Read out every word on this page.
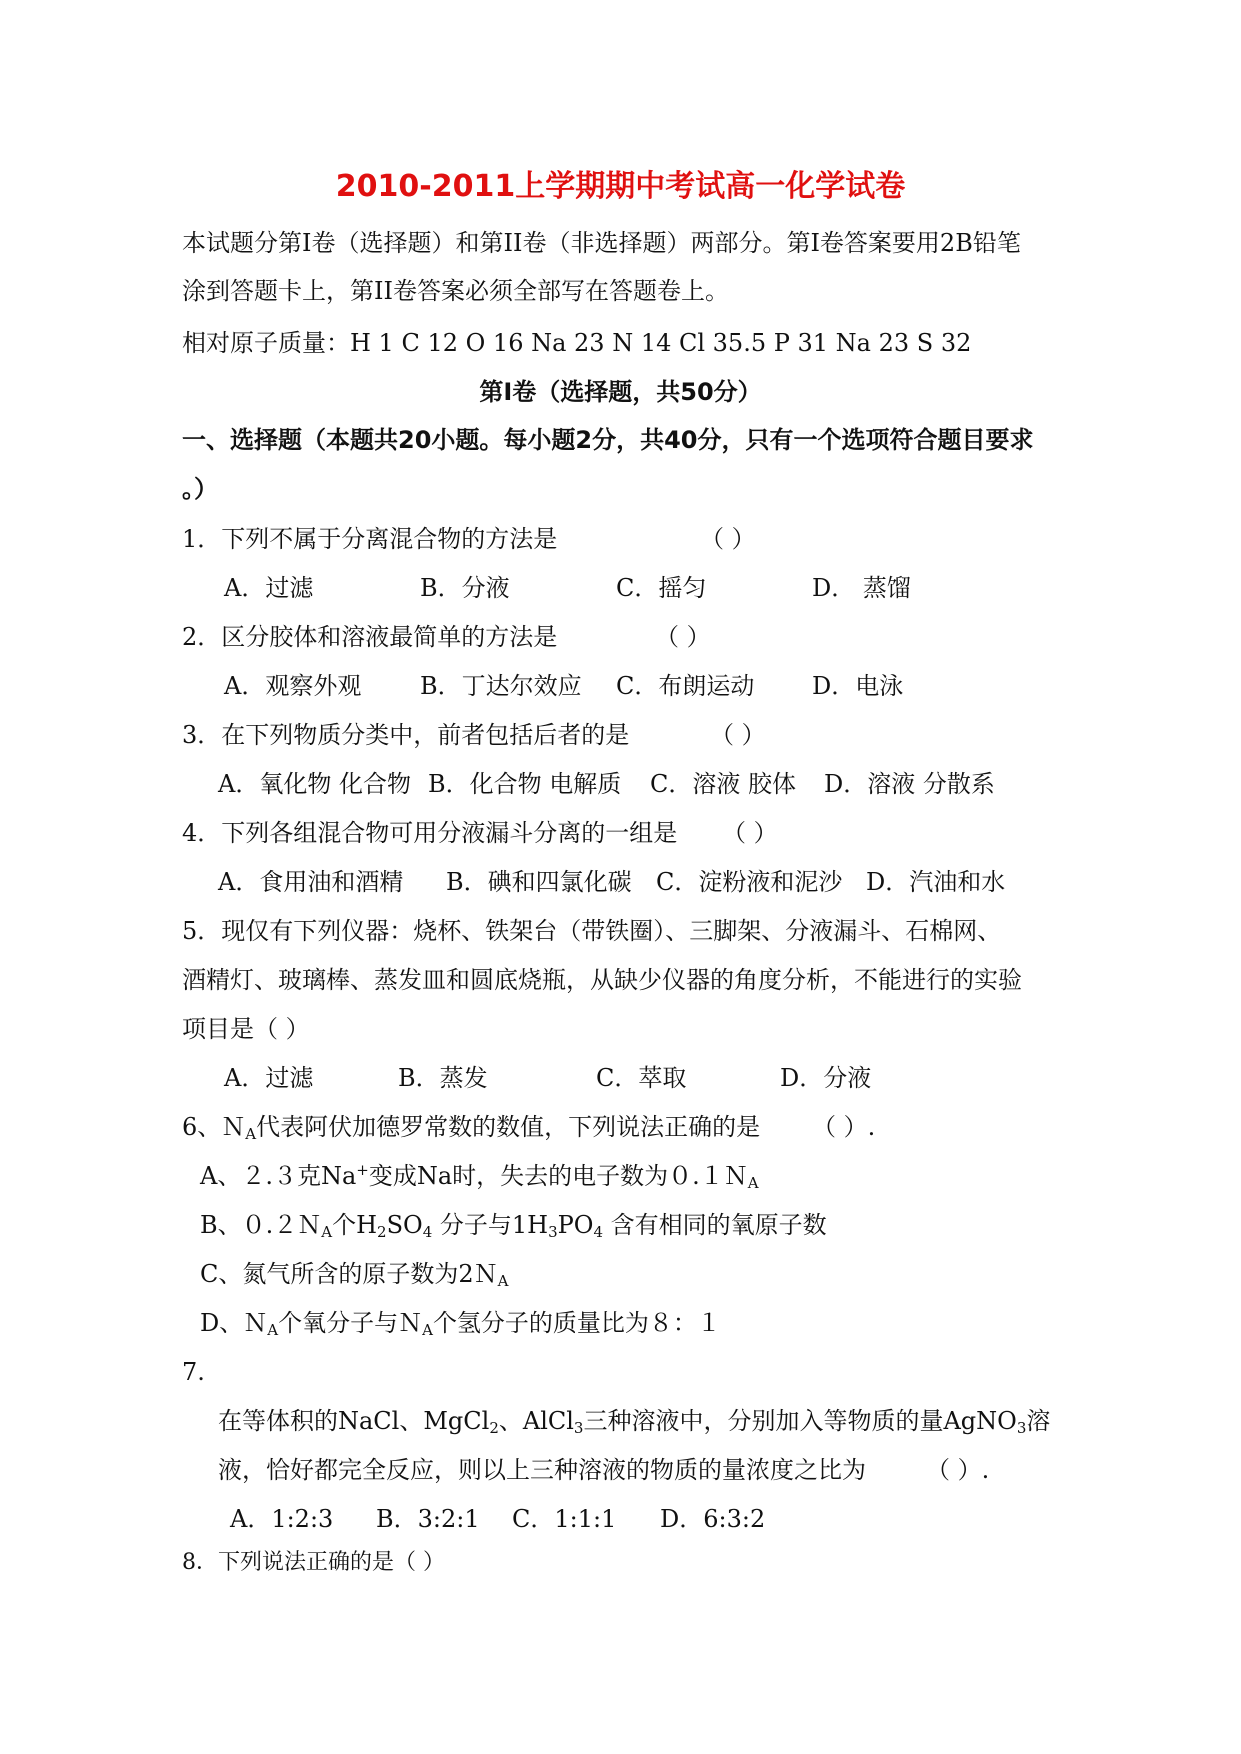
2010-2011上学期期中考试高一化学试卷
本试题分第I卷（选择题）和第II卷（非选择题）两部分。第I卷答案要用2B铅笔
涂到答题卡上，第II卷答案必须全部写在答题卷上。
相对原子质量：H 1 C 12 O 16 Na 23 N 14 Cl 35.5 P 31 Na 23 S 32
第I卷（选择题，共50分）
一、选择题（本题共20小题。每小题2分，共40分，只有一个选项符合题目要求
。）
1．下列不属于分离混合物的方法是	（ ）
A．过滤	B．分液	C．摇匀	D． 蒸馏
2．区分胶体和溶液最简单的方法是	（ ）
A．观察外观 B．丁达尔效应 C．布朗运动 D．电泳
3．在下列物质分类中，前者包括后者的是	（ ）
A．氧化物 化合物 B．化合物 电解质 C．溶液 胶体 D．溶液 分散系
4．下列各组混合物可用分液漏斗分离的一组是 （ ）
A．食用油和酒精 B．碘和四氯化碳 C．淀粉液和泥沙 D．汽油和水
5．现仅有下列仪器：烧杯、铁架台（带铁圈）、三脚架、分液漏斗、石棉网、
酒精灯、玻璃棒、蒸发皿和圆底烧瓶，从缺少仪器的角度分析，不能进行的实验
项目是（ ）
A．过滤	B．蒸发	C．萃取	D．分液
6、Ｎ$_A$代表阿伏加德罗常数的数值，下列说法正确的是 （ ）.
A、２.３克Na+变成Na时，失去的电子数为０.１Ｎ$_A$
B、０.２Ｎ$_A$个$H_2SO_4$ 分子与$1H_3PO_4$ 含有相同的氧原子数
C、氮气所含的原子数为2Ｎ$_A$
D、Ｎ$_A$个氧分子与Ｎ$_A$个氢分子的质量比为８：１
7.
在等体积的NaCl、MgCl$_2$、AlCl$_3$三种溶液中，分别加入等物质的量AgNO$_3$溶
液，恰好都完全反应，则以上三种溶液的物质的量浓度之比为	（ ）.
A．1:2:3 B．3:2:1 C．1:1:1 D．6:3:2
8．下列说法正确的是（ ）
